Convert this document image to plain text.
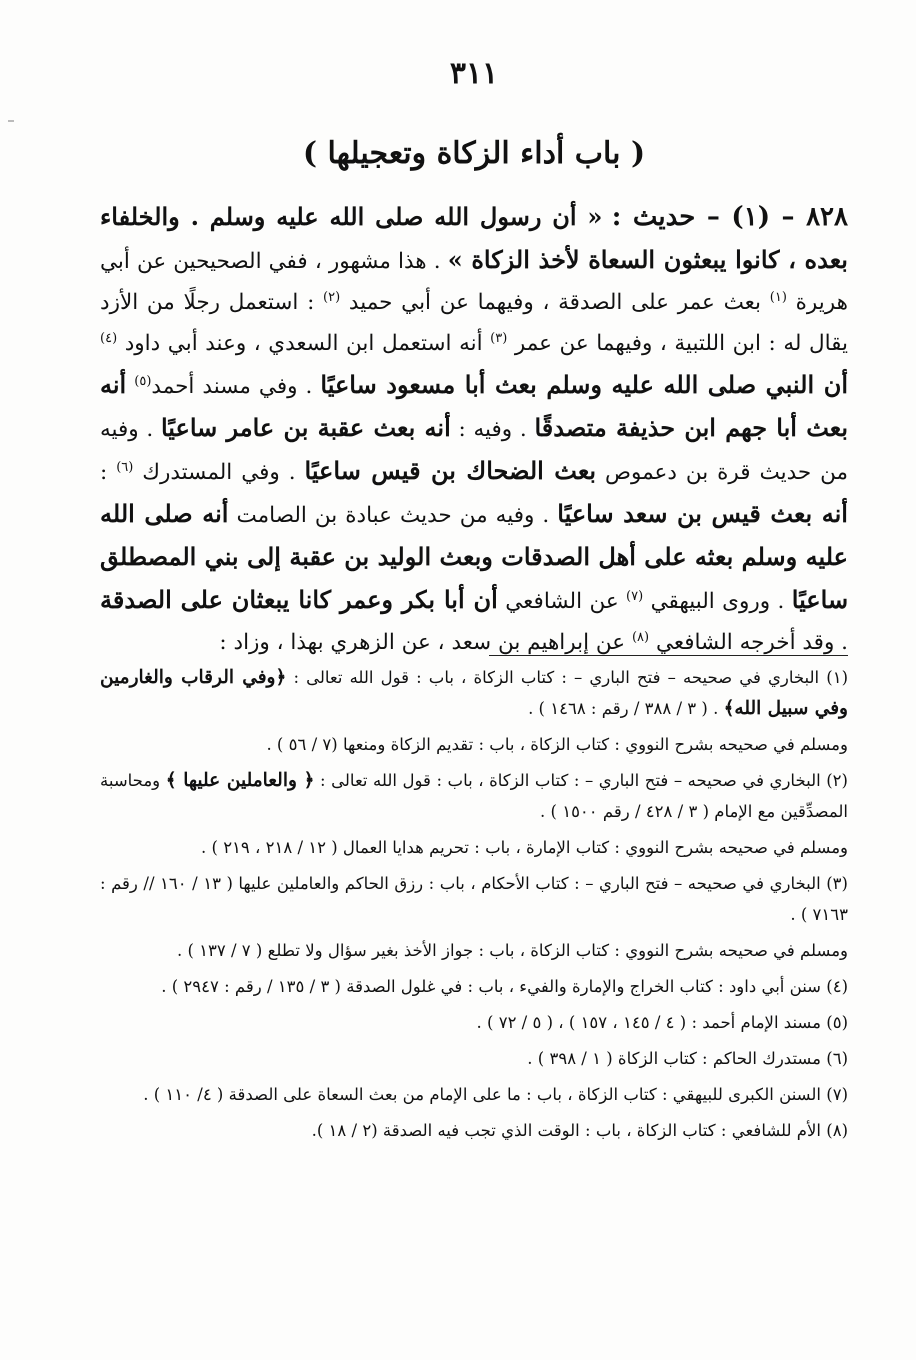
٣١١
( باب أداء الزكاة وتعجيلها )

٨٢٨ – (١) – حديث : « أن رسول الله صلى الله عليه وسلم . والخلفاء بعده ، كانوا يبعثون السعاة لأخذ الزكاة » . هذا مشهور ، ففي الصحيحين عن أبي هريرة $^{(١)}$ بعث عمر على الصدقة ، وفيهما عن أبي حميد $^{(٢)}$ : استعمل رجلًا من الأزد يقال له : ابن اللتبية ، وفيهما عن عمر $^{(٣)}$ أنه استعمل ابن السعدي ، وعند أبي داود $^{(٤)}$ أن النبي صلى الله عليه وسلم بعث أبا مسعود ساعيًا . وفي مسند أحمد$^{(٥)}$ أنه بعث أبا جهم ابن حذيفة متصدقًا . وفيه : أنه بعث عقبة بن عامر ساعيًا . وفيه من حديث قرة بن دعموص بعث الضحاك بن قيس ساعيًا . وفي المستدرك $^{(٦)}$ : أنه بعث قيس بن سعد ساعيًا . وفيه من حديث عبادة بن الصامت أنه صلى الله عليه وسلم بعثه على أهل الصدقات وبعث الوليد بن عقبة إلى بني المصطلق ساعيًا . وروى البيهقي $^{(٧)}$ عن الشافعي أن أبا بكر وعمر كانا يبعثان على الصدقة . وقد أخرجه الشافعي $^{(٨)}$ عن إبراهيم بن سعد ، عن الزهري بهذا ، وزاد :

(١) البخاري في صحيحه – فتح الباري – : كتاب الزكاة ، باب : قول الله تعالى : ﴿وفي الرقاب والغارمين وفي سبيل الله﴾ . ( ٣ / ٣٨٨ / رقم : ١٤٦٨ ) .

ومسلم في صحيحه بشرح النووي : كتاب الزكاة ، باب : تقديم الزكاة ومنعها (٧ / ٥٦ ) .

(٢) البخاري في صحيحه – فتح الباري – : كتاب الزكاة ، باب : قول الله تعالى : ﴿ والعاملين عليها ﴾ ومحاسبة المصدِّقين مع الإمام ( ٣ / ٤٢٨ / رقم ١٥٠٠ ) .

ومسلم في صحيحه بشرح النووي : كتاب الإمارة ، باب : تحريم هدايا العمال ( ١٢ / ٢١٨ ، ٢١٩ ) .

(٣) البخاري في صحيحه – فتح الباري – : كتاب الأحكام ، باب : رزق الحاكم والعاملين عليها ( ١٣ / ١٦٠ // رقم : ٧١٦٣ ) .

ومسلم في صحيحه بشرح النووي : كتاب الزكاة ، باب : جواز الأخذ بغير سؤال ولا تطلع ( ٧ / ١٣٧ ) .

(٤) سنن أبي داود : كتاب الخراج والإمارة والفيء ، باب : في غلول الصدقة ( ٣ / ١٣٥ / رقم : ٢٩٤٧ ) .

(٥) مسند الإمام أحمد : ( ٤ / ١٤٥ ، ١٥٧ ) ، ( ٥ / ٧٢ ) .

(٦) مستدرك الحاكم : كتاب الزكاة ( ١ / ٣٩٨ ) .

(٧) السنن الكبرى للبيهقي : كتاب الزكاة ، باب : ما على الإمام من بعث السعاة على الصدقة ( ٤/ ١١٠ ) .

(٨) الأم للشافعي : كتاب الزكاة ، باب : الوقت الذي تجب فيه الصدقة (٢ / ١٨ ).
